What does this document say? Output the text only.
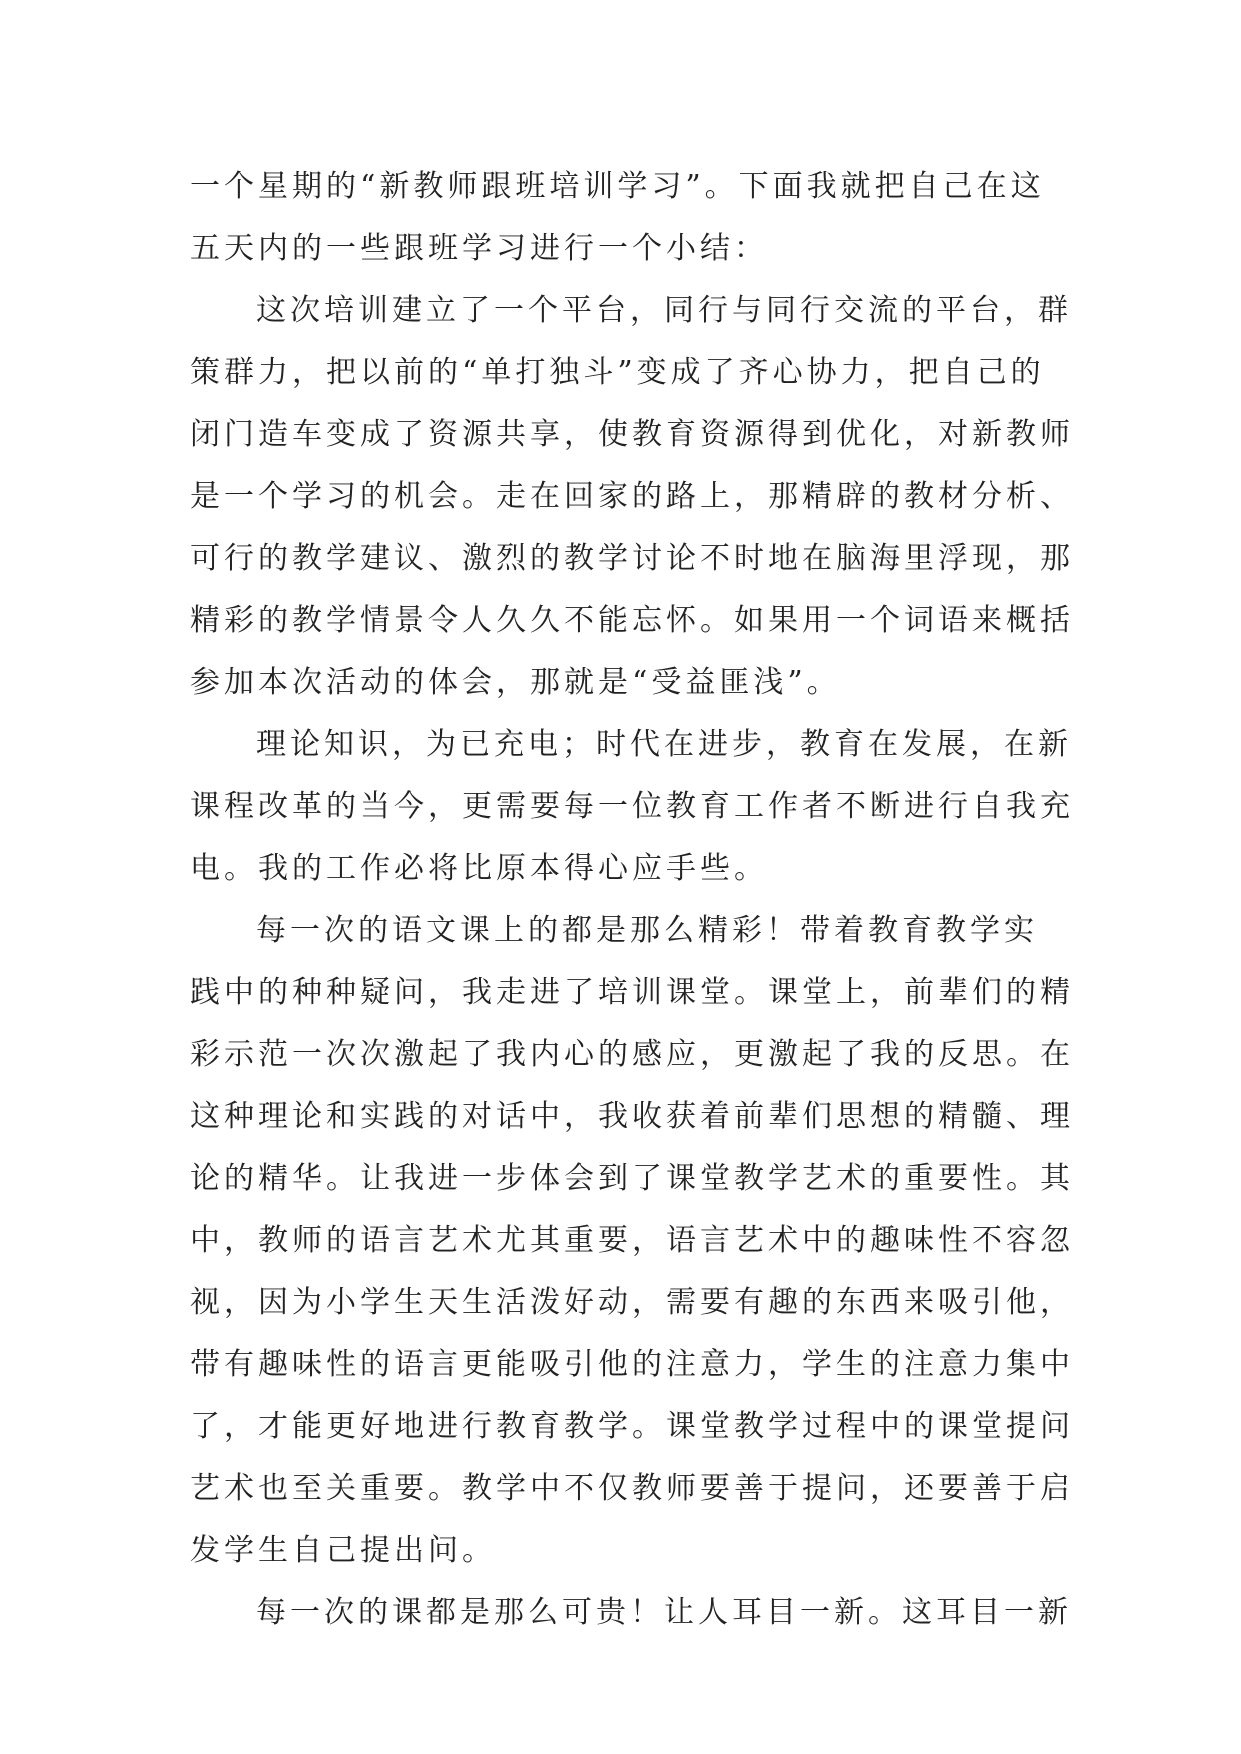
一个星期的“新教师跟班培训学习”。下面我就把自己在这
五天内的一些跟班学习进行一个小结：
这次培训建立了一个平台，同行与同行交流的平台，群
策群力，把以前的“单打独斗”变成了齐心协力，把自己的
闭门造车变成了资源共享，使教育资源得到优化，对新教师
是一个学习的机会。走在回家的路上，那精辟的教材分析、
可行的教学建议、激烈的教学讨论不时地在脑海里浮现，那
精彩的教学情景令人久久不能忘怀。如果用一个词语来概括
参加本次活动的体会，那就是“受益匪浅”。
理论知识，为已充电；时代在进步，教育在发展，在新
课程改革的当今，更需要每一位教育工作者不断进行自我充
电。我的工作必将比原本得心应手些。
每一次的语文课上的都是那么精彩！带着教育教学实
践中的种种疑问，我走进了培训课堂。课堂上，前辈们的精
彩示范一次次激起了我内心的感应，更激起了我的反思。在
这种理论和实践的对话中，我收获着前辈们思想的精髓、理
论的精华。让我进一步体会到了课堂教学艺术的重要性。其
中，教师的语言艺术尤其重要，语言艺术中的趣味性不容忽
视，因为小学生天生活泼好动，需要有趣的东西来吸引他，
带有趣味性的语言更能吸引他的注意力，学生的注意力集中
了，才能更好地进行教育教学。课堂教学过程中的课堂提问
艺术也至关重要。教学中不仅教师要善于提问，还要善于启
发学生自己提出问。
每一次的课都是那么可贵！让人耳目一新。这耳目一新
